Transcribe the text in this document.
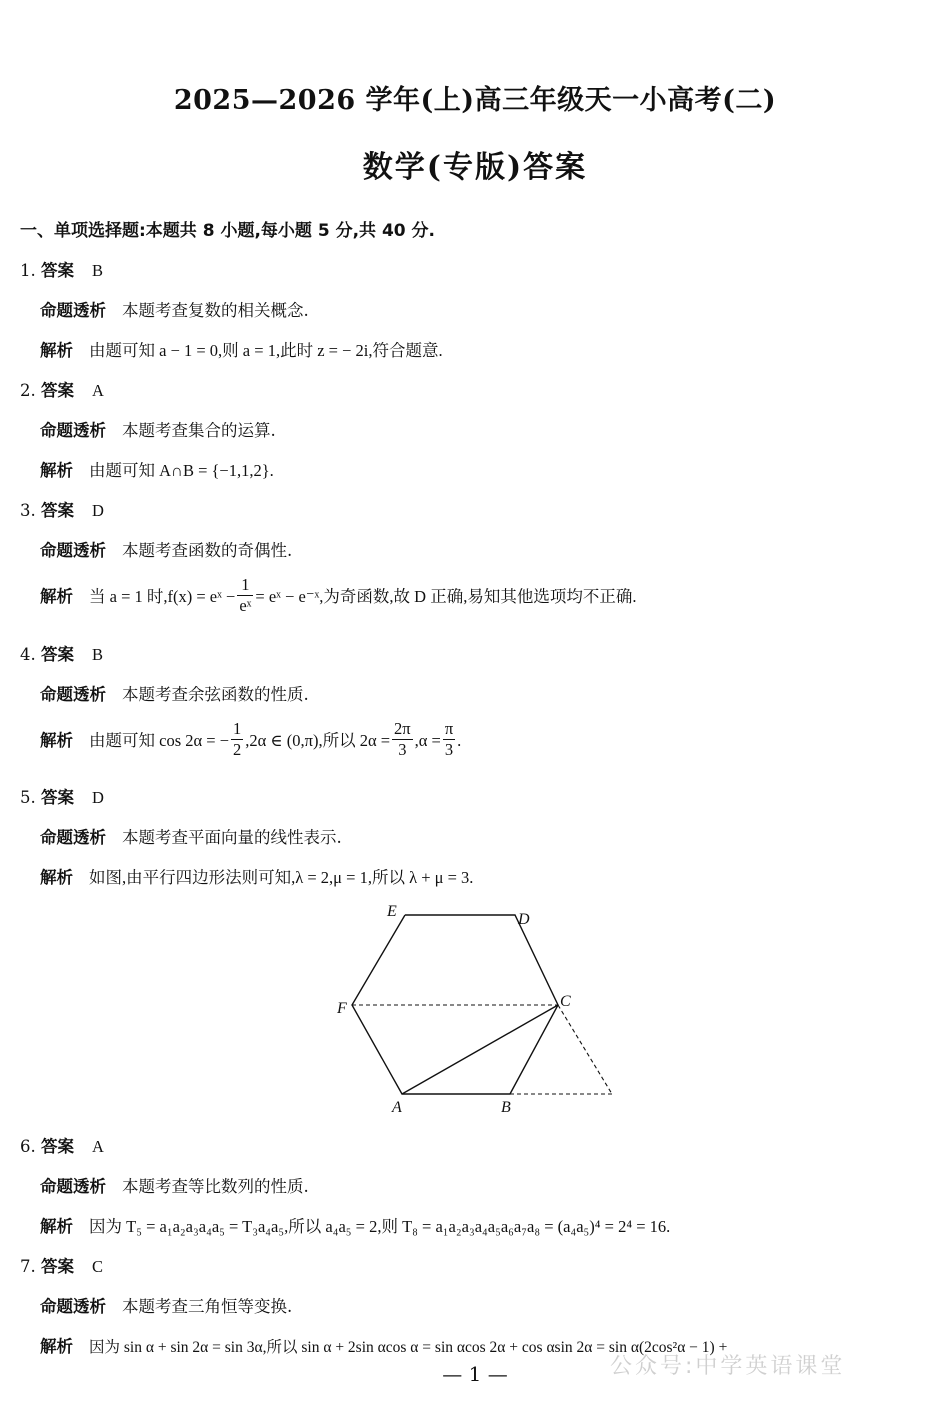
2025—2026 学年(上)高三年级天一小高考(二)
数学(专版)答案
一、单项选择题:本题共 8 小题,每小题 5 分,共 40 分.
1. 答案 B
命题透析 本题考查复数的相关概念.
解析 由题可知 a − 1 = 0,则 a = 1,此时 z = − 2i,符合题意.
2. 答案 A
命题透析 本题考查集合的运算.
解析 由题可知 A∩B = {−1,1,2}.
3. 答案 D
命题透析 本题考查函数的奇偶性.
解析 当 a = 1 时,f(x) = eˣ − $\frac{1}{\text{eˣ}}$ = eˣ − e⁻ˣ,为奇函数,故 D 正确,易知其他选项均不正确.
4. 答案 B
命题透析 本题考查余弦函数的性质.
解析 由题可知 cos 2α = − $\frac{1}{2} ,2\alpha$ ∈ (0,π),所以 $2\alpha = \frac{2\pi}{3} ,\alpha = \frac{\pi}{3}$ .
5. 答案 D
命题透析 本题考查平面向量的线性表示.
解析 如图,由平行四边形法则可知,λ = 2,μ = 1,所以 λ + μ = 3.
E	D
F	C
A	B
6. 答案 A
命题透析 本题考查等比数列的性质.
解析 因为 T₅ = a₁a₂a₃a₄a₅ = T₃a₄a₅,所以 a₄a₅ = 2,则 T₈ = a₁a₂a₃a₄a₅a₆a₇a₈ = (a₄a₅)⁴ = 2⁴ = 16.
7. 答案 C
命题透析 本题考查三角恒等变换.
解析 因为 sin α + sin 2α = sin 3α,所以 sin α + 2sin αcos α = sin αcos 2α + cos αsin 2α = sin α(2cos²α − 1) +
公众号:中学英语课堂
— 1 —
